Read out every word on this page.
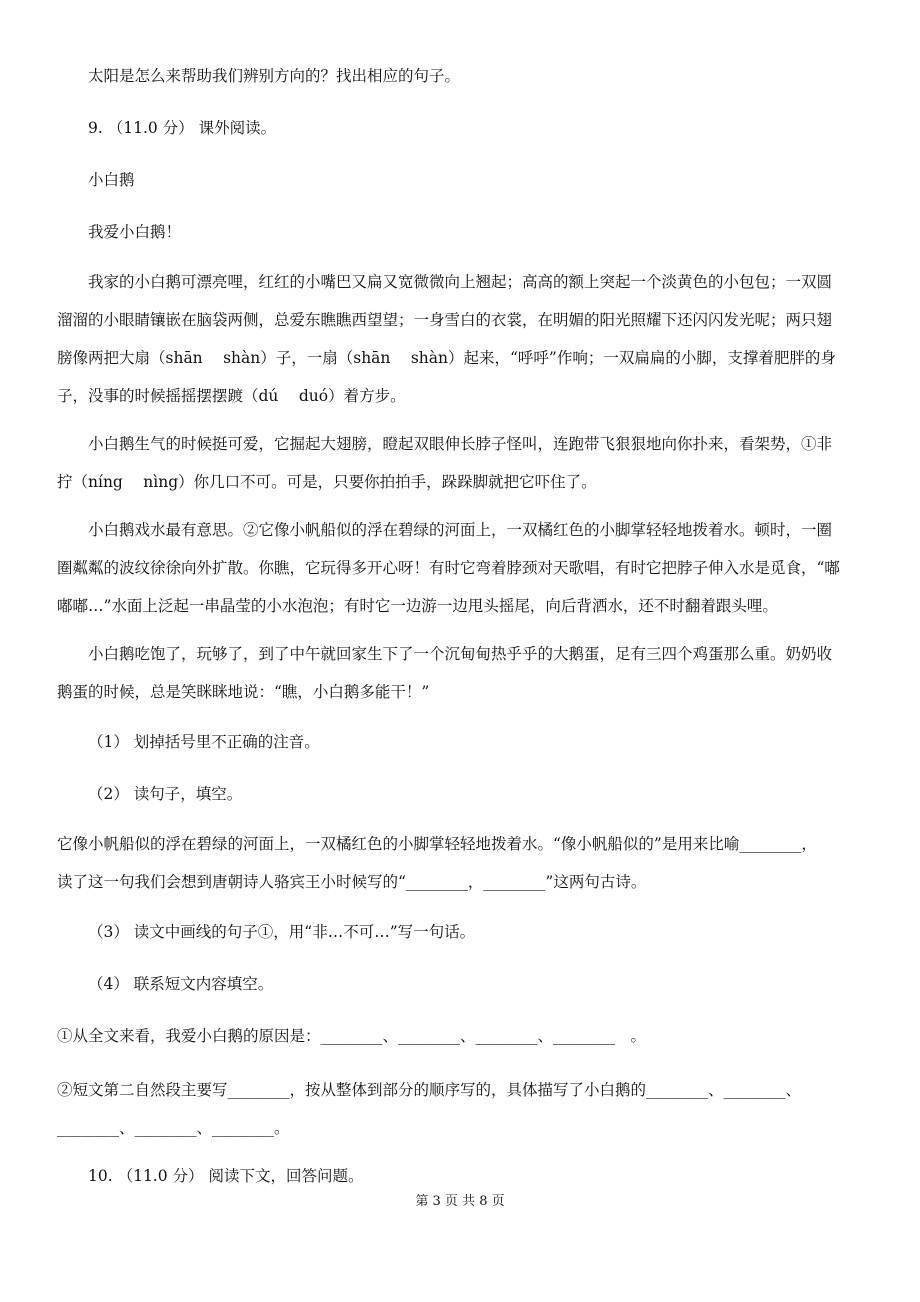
太阳是怎么来帮助我们辨别方向的？找出相应的句子。

9. （11.0 分） 课外阅读。

小白鹅

我爱小白鹅！

我家的小白鹅可漂亮哩，红红的小嘴巴又扁又宽微微向上翘起；高高的额上突起一个淡黄色的小包包；一双圆

溜溜的小眼睛镶嵌在脑袋两侧，总爱东瞧瞧西望望；一身雪白的衣裳，在明媚的阳光照耀下还闪闪发光呢；两只翅

膀像两把大扇（shān　 shàn）子，一扇（shān　 shàn）起来，“呼呼”作响；一双扁扁的小脚，支撑着肥胖的身

子，没事的时候摇摇摆摆踱（dú　 duó）着方步。

小白鹅生气的时候挺可爱，它掘起大翅膀，瞪起双眼伸长脖子怪叫，连跑带飞狠狠地向你扑来，看架势，①非

拧（níng　 nìng）你几口不可。可是，只要你拍拍手，跺跺脚就把它吓住了。

小白鹅戏水最有意思。②它像小帆船似的浮在碧绿的河面上，一双橘红色的小脚掌轻轻地拨着水。顿时，一圈

圈粼粼的波纹徐徐向外扩散。你瞧，它玩得多开心呀！有时它弯着脖颈对天歌唱，有时它把脖子伸入水是觅食，“嘟

嘟嘟…”水面上泛起一串晶莹的小水泡泡；有时它一边游一边甩头摇尾，向后背洒水，还不时翻着跟头哩。

小白鹅吃饱了，玩够了，到了中午就回家生下了一个沉甸甸热乎乎的大鹅蛋，足有三四个鸡蛋那么重。奶奶收

鹅蛋的时候，总是笑眯眯地说：“瞧，小白鹅多能干！”

（1） 划掉括号里不正确的注音。

（2） 读句子，填空。

它像小帆船似的浮在碧绿的河面上，一双橘红色的小脚掌轻轻地拨着水。“像小帆船似的”是用来比喻________，

读了这一句我们会想到唐朝诗人骆宾王小时候写的“________，________”这两句古诗。

（3） 读文中画线的句子①，用“非…不可…”写一句话。

（4） 联系短文内容填空。

①从全文来看，我爱小白鹅的原因是：________、________、________、________　。

②短文第二自然段主要写________，按从整体到部分的顺序写的，具体描写了小白鹅的________、________、

________、________、________。

10. （11.0 分） 阅读下文，回答问题。

第 3 页 共 8 页
